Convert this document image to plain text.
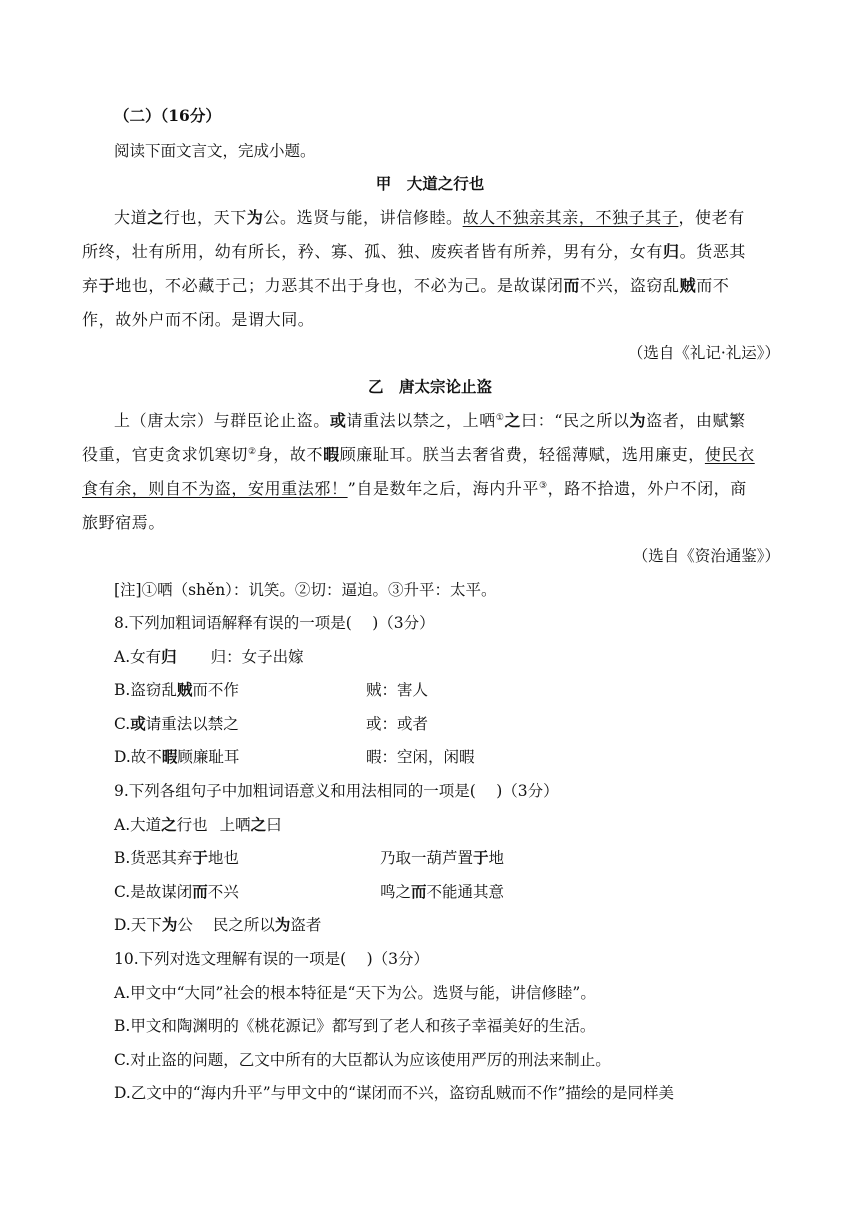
（二）（16分）
阅读下面文言文，完成小题。
甲　大道之行也
大道之行也，天下为公。选贤与能，讲信修睦。故人不独亲其亲，不独子其子，使老有
所终，壮有所用，幼有所长，矜、寡、孤、独、废疾者皆有所养，男有分，女有归。货恶其
弃于地也，不必藏于己；力恶其不出于身也，不必为己。是故谋闭而不兴，盗窃乱贼而不
作，故外户而不闭。是谓大同。
（选自《礼记·礼运》）
乙　唐太宗论止盗
上（唐太宗）与群臣论止盗。或请重法以禁之，上哂①之曰：“民之所以为盗者，由赋繁
役重，官吏贪求饥寒切②身，故不暇顾廉耻耳。朕当去奢省费，轻徭薄赋，选用廉吏，使民衣
食有余，则自不为盗，安用重法邪！”自是数年之后，海内升平③，路不拾遗，外户不闭，商
旅野宿焉。
（选自《资治通鉴》）
[注]①哂（shěn）：讥笑。②切：逼迫。③升平：太平。
8.下列加粗词语解释有误的一项是(　 )（3分）
A.女有归 归：女子出嫁
B.盗窃乱贼而不作	贼：害人
C.或请重法以禁之	或：或者
D.故不暇顾廉耻耳	暇：空闲，闲暇
9.下列各组句子中加粗词语意义和用法相同的一项是(　 )（3分）
A.大道之行也 上哂之曰
B.货恶其弃于地也	乃取一葫芦置于地
C.是故谋闭而不兴	鸣之而不能通其意
D.天下为公 民之所以为盗者
10.下列对选文理解有误的一项是(　 )（3分）
A.甲文中“大同”社会的根本特征是“天下为公。选贤与能，讲信修睦”。
B.甲文和陶渊明的《桃花源记》都写到了老人和孩子幸福美好的生活。
C.对止盗的问题，乙文中所有的大臣都认为应该使用严厉的刑法来制止。
D.乙文中的“海内升平”与甲文中的“谋闭而不兴，盗窃乱贼而不作”描绘的是同样美
